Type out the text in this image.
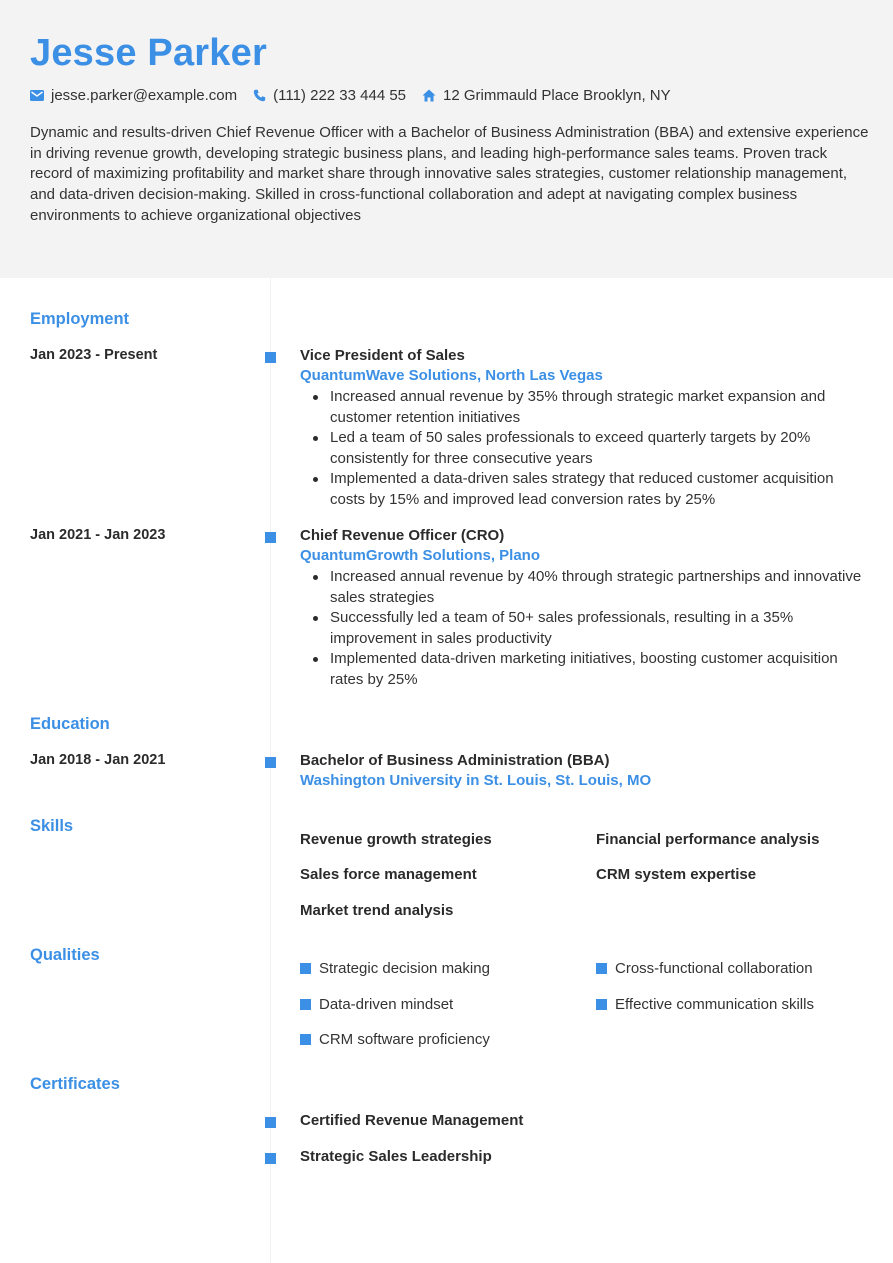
Jesse Parker
jesse.parker@example.com (111) 222 33 444 55 12 Grimmauld Place Brooklyn, NY
Dynamic and results-driven Chief Revenue Officer with a Bachelor of Business Administration (BBA) and extensive experience in driving revenue growth, developing strategic business plans, and leading high-performance sales teams. Proven track record of maximizing profitability and market share through innovative sales strategies, customer relationship management, and data-driven decision-making. Skilled in cross-functional collaboration and adept at navigating complex business environments to achieve organizational objectives
Employment
Jan 2023 - Present	Vice President of Sales
QuantumWave Solutions, North Las Vegas
Increased annual revenue by 35% through strategic market expansion and customer retention initiatives
Led a team of 50 sales professionals to exceed quarterly targets by 20% consistently for three consecutive years
Implemented a data-driven sales strategy that reduced customer acquisition costs by 15% and improved lead conversion rates by 25%
Jan 2021 - Jan 2023	Chief Revenue Officer (CRO)
QuantumGrowth Solutions, Plano
Increased annual revenue by 40% through strategic partnerships and innovative sales strategies
Successfully led a team of 50+ sales professionals, resulting in a 35% improvement in sales productivity
Implemented data-driven marketing initiatives, boosting customer acquisition rates by 25%
Education
Jan 2018 - Jan 2021	Bachelor of Business Administration (BBA)
Washington University in St. Louis, St. Louis, MO
Skills
Revenue growth strategies	Financial performance analysis
Sales force management	CRM system expertise
Market trend analysis
Qualities
Strategic decision making	Cross-functional collaboration
Data-driven mindset	Effective communication skills
CRM software proficiency
Certificates
Certified Revenue Management
Strategic Sales Leadership
